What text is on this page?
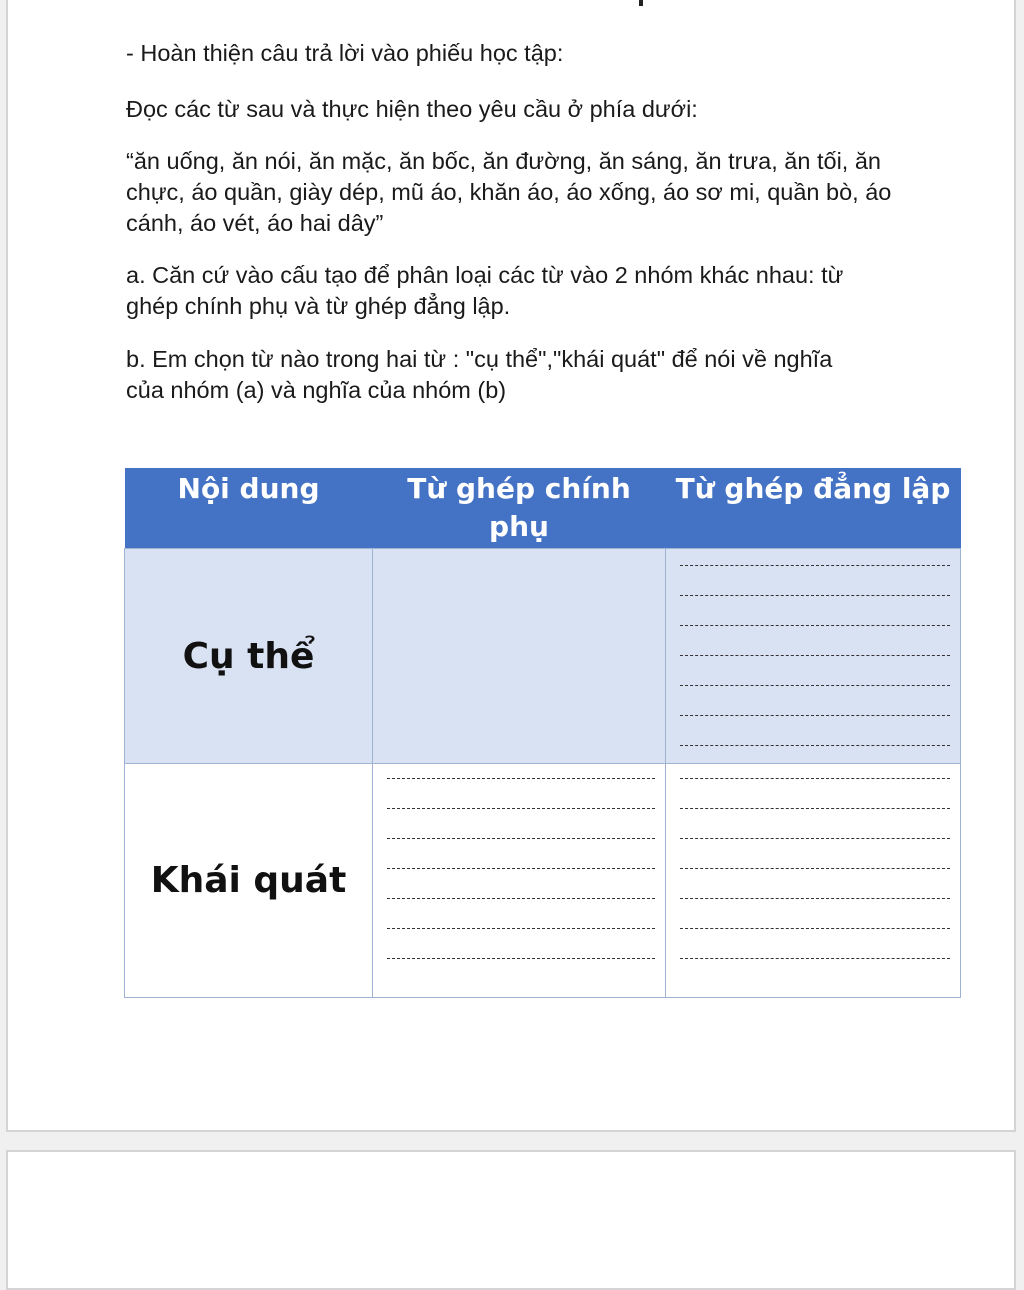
- Hoàn thiện câu trả lời vào phiếu học tập:
Đọc các từ sau và thực hiện theo yêu cầu ở phía dưới:
“ăn uống, ăn nói, ăn mặc, ăn bốc, ăn đường, ăn sáng, ăn trưa, ăn tối, ăn chực, áo quần, giày dép, mũ áo, khăn áo, áo xống, áo sơ mi, quần bò, áo cánh, áo vét, áo hai dây”
a. Căn cứ vào cấu tạo để phân loại các từ vào 2 nhóm khác nhau: từ ghép chính phụ và từ ghép đẳng lập.
b. Em chọn từ nào trong hai từ : "cụ thể","khái quát" để nói về nghĩa của nhóm (a) và nghĩa của nhóm (b)
Nội dung	Từ ghép chính phụ	Từ ghép đẳng lập
Cụ thể		

Khái quát	
